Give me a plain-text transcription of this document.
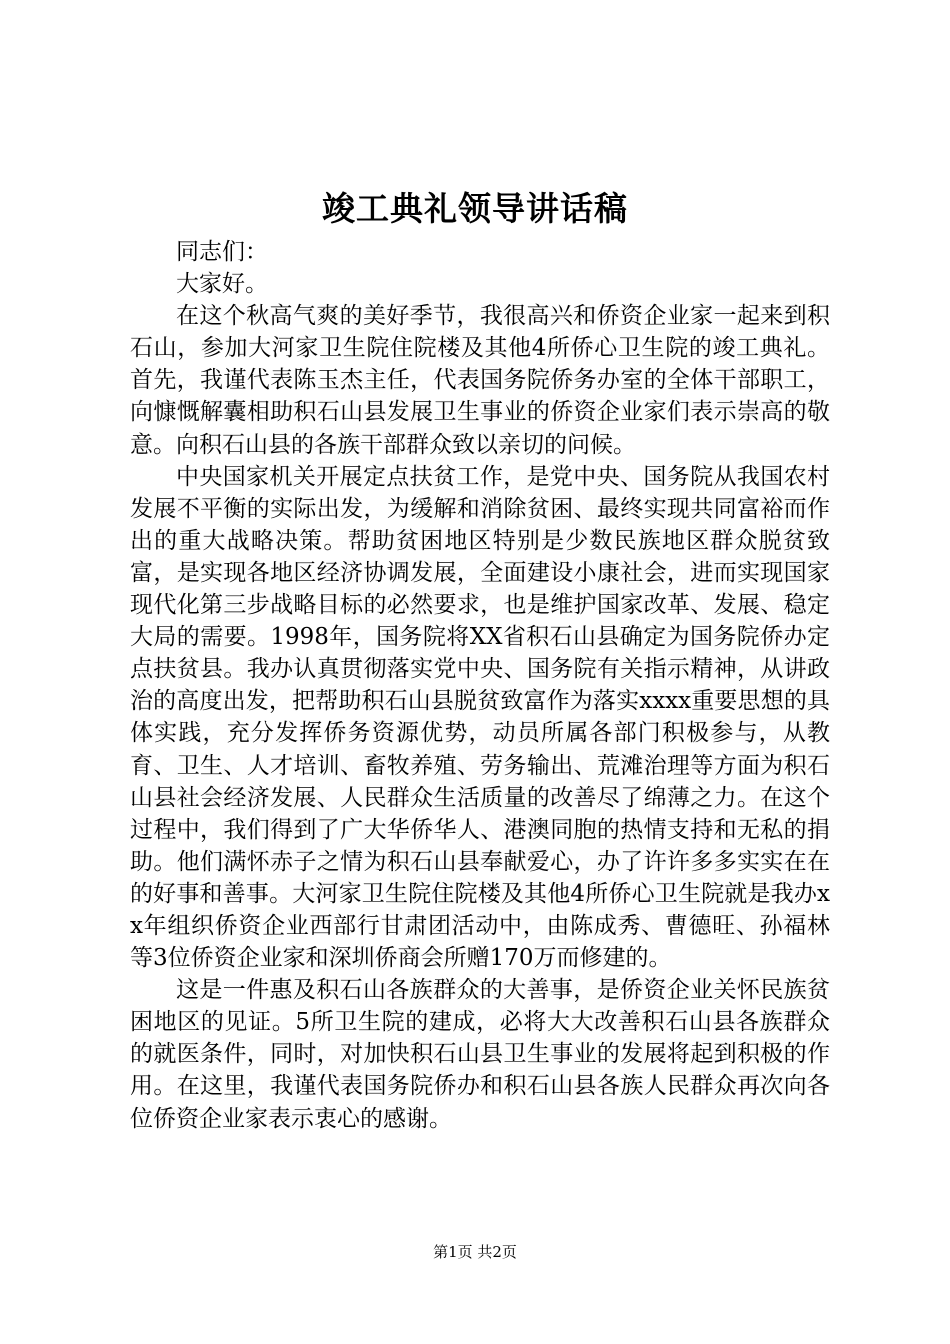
竣工典礼领导讲话稿

同志们：

大家好。

在这个秋高气爽的美好季节，我很高兴和侨资企业家一起来到积石山，参加大河家卫生院住院楼及其他4所侨心卫生院的竣工典礼。首先，我谨代表陈玉杰主任，代表国务院侨务办室的全体干部职工，向慷慨解囊相助积石山县发展卫生事业的侨资企业家们表示崇高的敬意。向积石山县的各族干部群众致以亲切的问候。

中央国家机关开展定点扶贫工作，是党中央、国务院从我国农村发展不平衡的实际出发，为缓解和消除贫困、最终实现共同富裕而作出的重大战略决策。帮助贫困地区特别是少数民族地区群众脱贫致富，是实现各地区经济协调发展，全面建设小康社会，进而实现国家现代化第三步战略目标的必然要求，也是维护国家改革、发展、稳定大局的需要。1998年，国务院将XX省积石山县确定为国务院侨办定点扶贫县。我办认真贯彻落实党中央、国务院有关指示精神，从讲政治的高度出发，把帮助积石山县脱贫致富作为落实xxxx重要思想的具体实践，充分发挥侨务资源优势，动员所属各部门积极参与，从教育、卫生、人才培训、畜牧养殖、劳务输出、荒滩治理等方面为积石山县社会经济发展、人民群众生活质量的改善尽了绵薄之力。在这个过程中，我们得到了广大华侨华人、港澳同胞的热情支持和无私的捐助。他们满怀赤子之情为积石山县奉献爱心，办了许许多多实实在在的好事和善事。大河家卫生院住院楼及其他4所侨心卫生院就是我办xx年组织侨资企业西部行甘肃团活动中，由陈成秀、曹德旺、孙福林等3位侨资企业家和深圳侨商会所赠170万而修建的。

这是一件惠及积石山各族群众的大善事，是侨资企业关怀民族贫困地区的见证。5所卫生院的建成，必将大大改善积石山县各族群众的就医条件，同时，对加快积石山县卫生事业的发展将起到积极的作用。在这里，我谨代表国务院侨办和积石山县各族人民群众再次向各位侨资企业家表示衷心的感谢。

第1页 共2页
